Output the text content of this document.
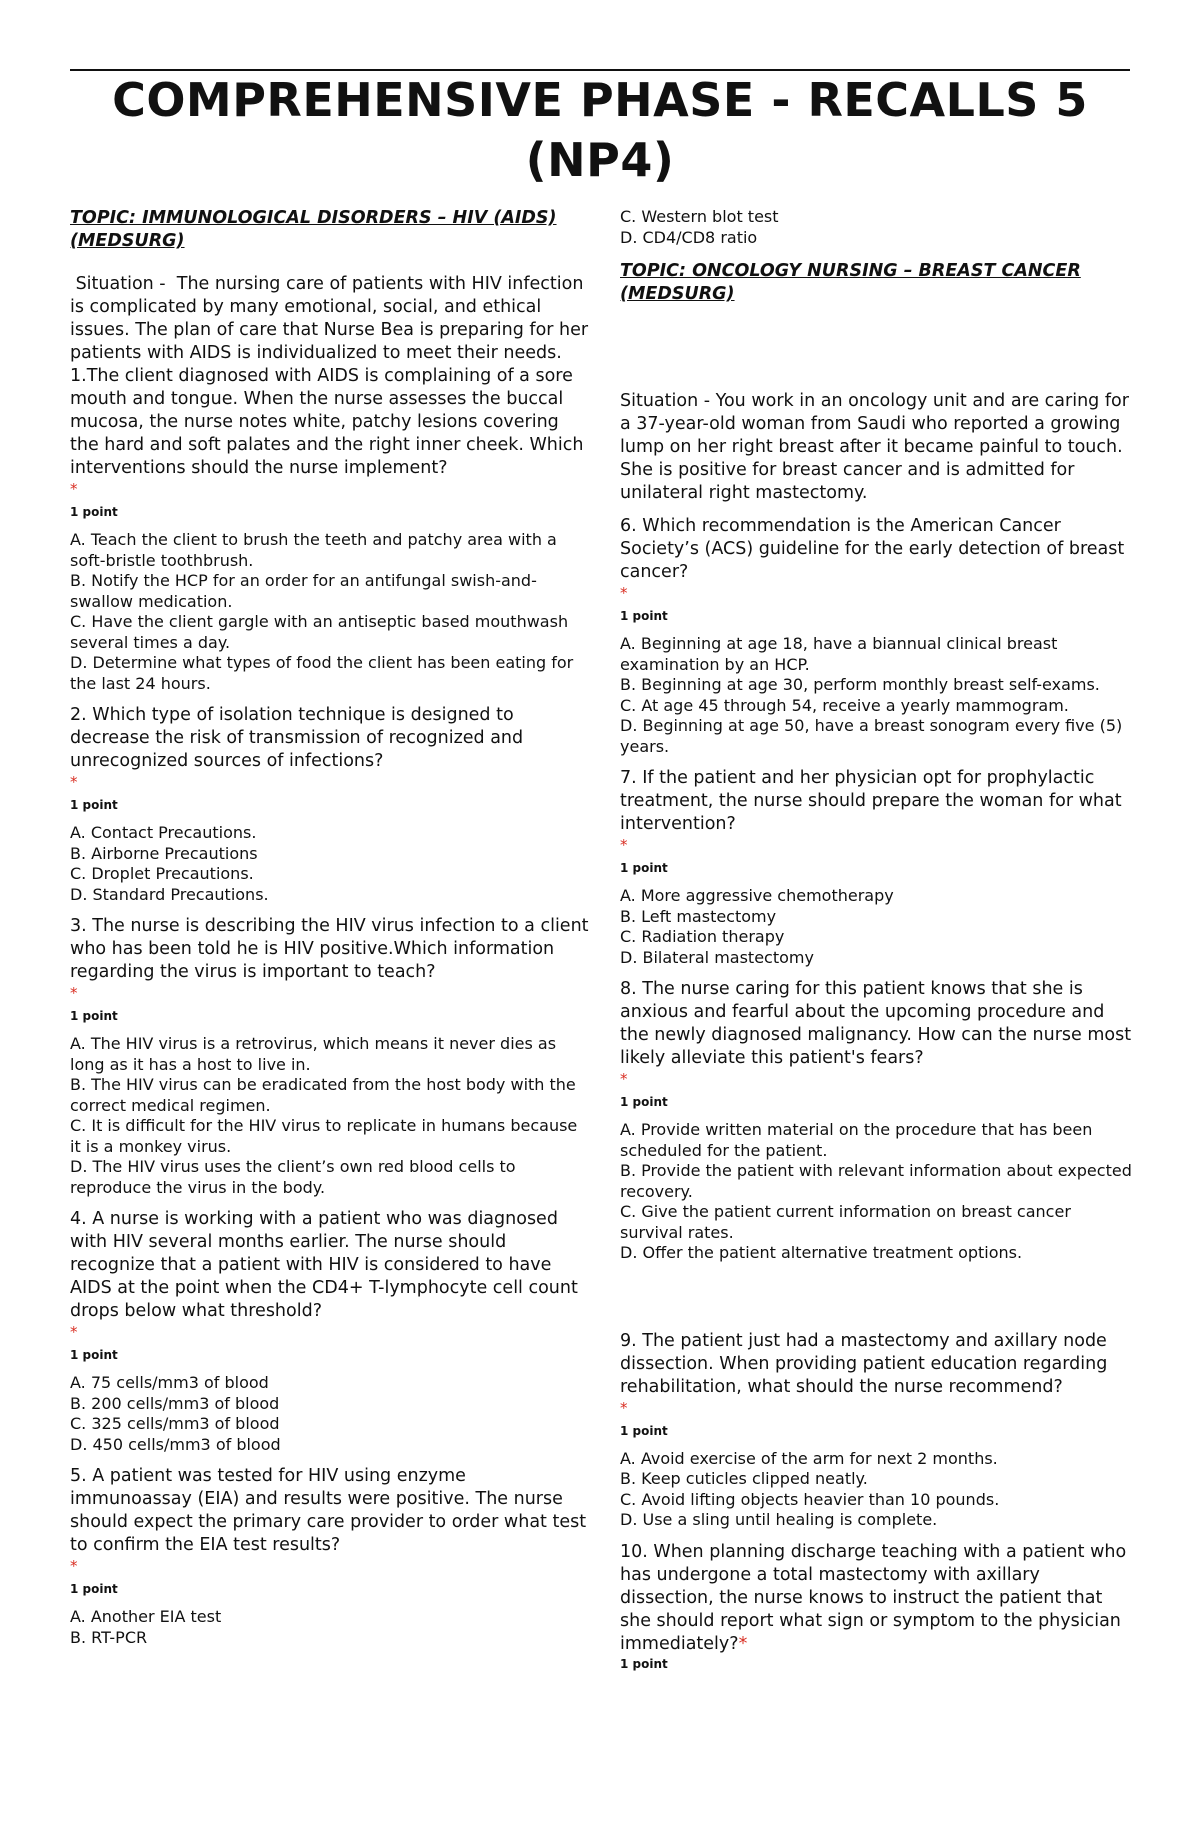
COMPREHENSIVE PHASE - RECALLS 5
(NP4)

TOPIC: IMMUNOLOGICAL DISORDERS – HIV (AIDS) (MEDSURG)

Situation -  The nursing care of patients with HIV infection is complicated by many emotional, social, and ethical issues. The plan of care that Nurse Bea is preparing for her patients with AIDS is individualized to meet their needs.

1.The client diagnosed with AIDS is complaining of a sore mouth and tongue. When the nurse assesses the buccal mucosa, the nurse notes white, patchy lesions covering the hard and soft palates and the right inner cheek. Which interventions should the nurse implement?

*
1 point

A. Teach the client to brush the teeth and patchy area with a soft-bristle toothbrush.

B. Notify the HCP for an order for an antifungal swish-and-swallow medication.

C. Have the client gargle with an antiseptic based mouthwash several times a day.

D. Determine what types of food the client has been eating for the last 24 hours.

2. Which type of isolation technique is designed to decrease the risk of transmission of recognized and unrecognized sources of infections?

*
1 point

A. Contact Precautions.

B. Airborne Precautions

C. Droplet Precautions.

D. Standard Precautions.

3. The nurse is describing the HIV virus infection to a client who has been told he is HIV positive.Which information regarding the virus is important to teach?

*
1 point

A. The HIV virus is a retrovirus, which means it never dies as long as it has a host to live in.

B. The HIV virus can be eradicated from the host body with the correct medical regimen.

C. It is difficult for the HIV virus to replicate in humans because it is a monkey virus.

D. The HIV virus uses the client’s own red blood cells to reproduce the virus in the body.

4. A nurse is working with a patient who was diagnosed with HIV several months earlier. The nurse should recognize that a patient with HIV is considered to have AIDS at the point when the CD4+ T-lymphocyte cell count drops below what threshold?

*
1 point

A. 75 cells/mm3 of blood

B. 200 cells/mm3 of blood

C. 325 cells/mm3 of blood

D. 450 cells/mm3 of blood

5. A patient was tested for HIV using enzyme immunoassay (EIA) and results were positive. The nurse should expect the primary care provider to order what test to confirm the EIA test results?

*
1 point

A. Another EIA test

B. RT-PCR

C. Western blot test

D. CD4/CD8 ratio

TOPIC: ONCOLOGY NURSING – BREAST CANCER (MEDSURG)

Situation - You work in an oncology unit and are caring for a 37-year-old woman from Saudi who reported a growing lump on her right breast after it became painful to touch. She is positive for breast cancer and is admitted for unilateral right mastectomy.

6. Which recommendation is the American Cancer Society’s (ACS) guideline for the early detection of breast cancer?

*
1 point

A. Beginning at age 18, have a biannual clinical breast examination by an HCP.

B. Beginning at age 30, perform monthly breast self-exams.

C. At age 45 through 54, receive a yearly mammogram.

D. Beginning at age 50, have a breast sonogram every five (5) years.

7. If the patient and her physician opt for prophylactic treatment, the nurse should prepare the woman for what intervention?

*
1 point

A. More aggressive chemotherapy

B. Left mastectomy

C. Radiation therapy

D. Bilateral mastectomy

8. The nurse caring for this patient knows that she is anxious and fearful about the upcoming procedure and the newly diagnosed malignancy. How can the nurse most likely alleviate this patient's fears?

*
1 point

A. Provide written material on the procedure that has been scheduled for the patient.

B. Provide the patient with relevant information about expected recovery.

C. Give the patient current information on breast cancer survival rates.

D. Offer the patient alternative treatment options.

9. The patient just had a mastectomy and axillary node dissection. When providing patient education regarding rehabilitation, what should the nurse recommend?

*
1 point

A. Avoid exercise of the arm for next 2 months.

B. Keep cuticles clipped neatly.

C. Avoid lifting objects heavier than 10 pounds.

D. Use a sling until healing is complete.

10. When planning discharge teaching with a patient who has undergone a total mastectomy with axillary dissection, the nurse knows to instruct the patient that she should report what sign or symptom to the physician immediately?*

1 point
